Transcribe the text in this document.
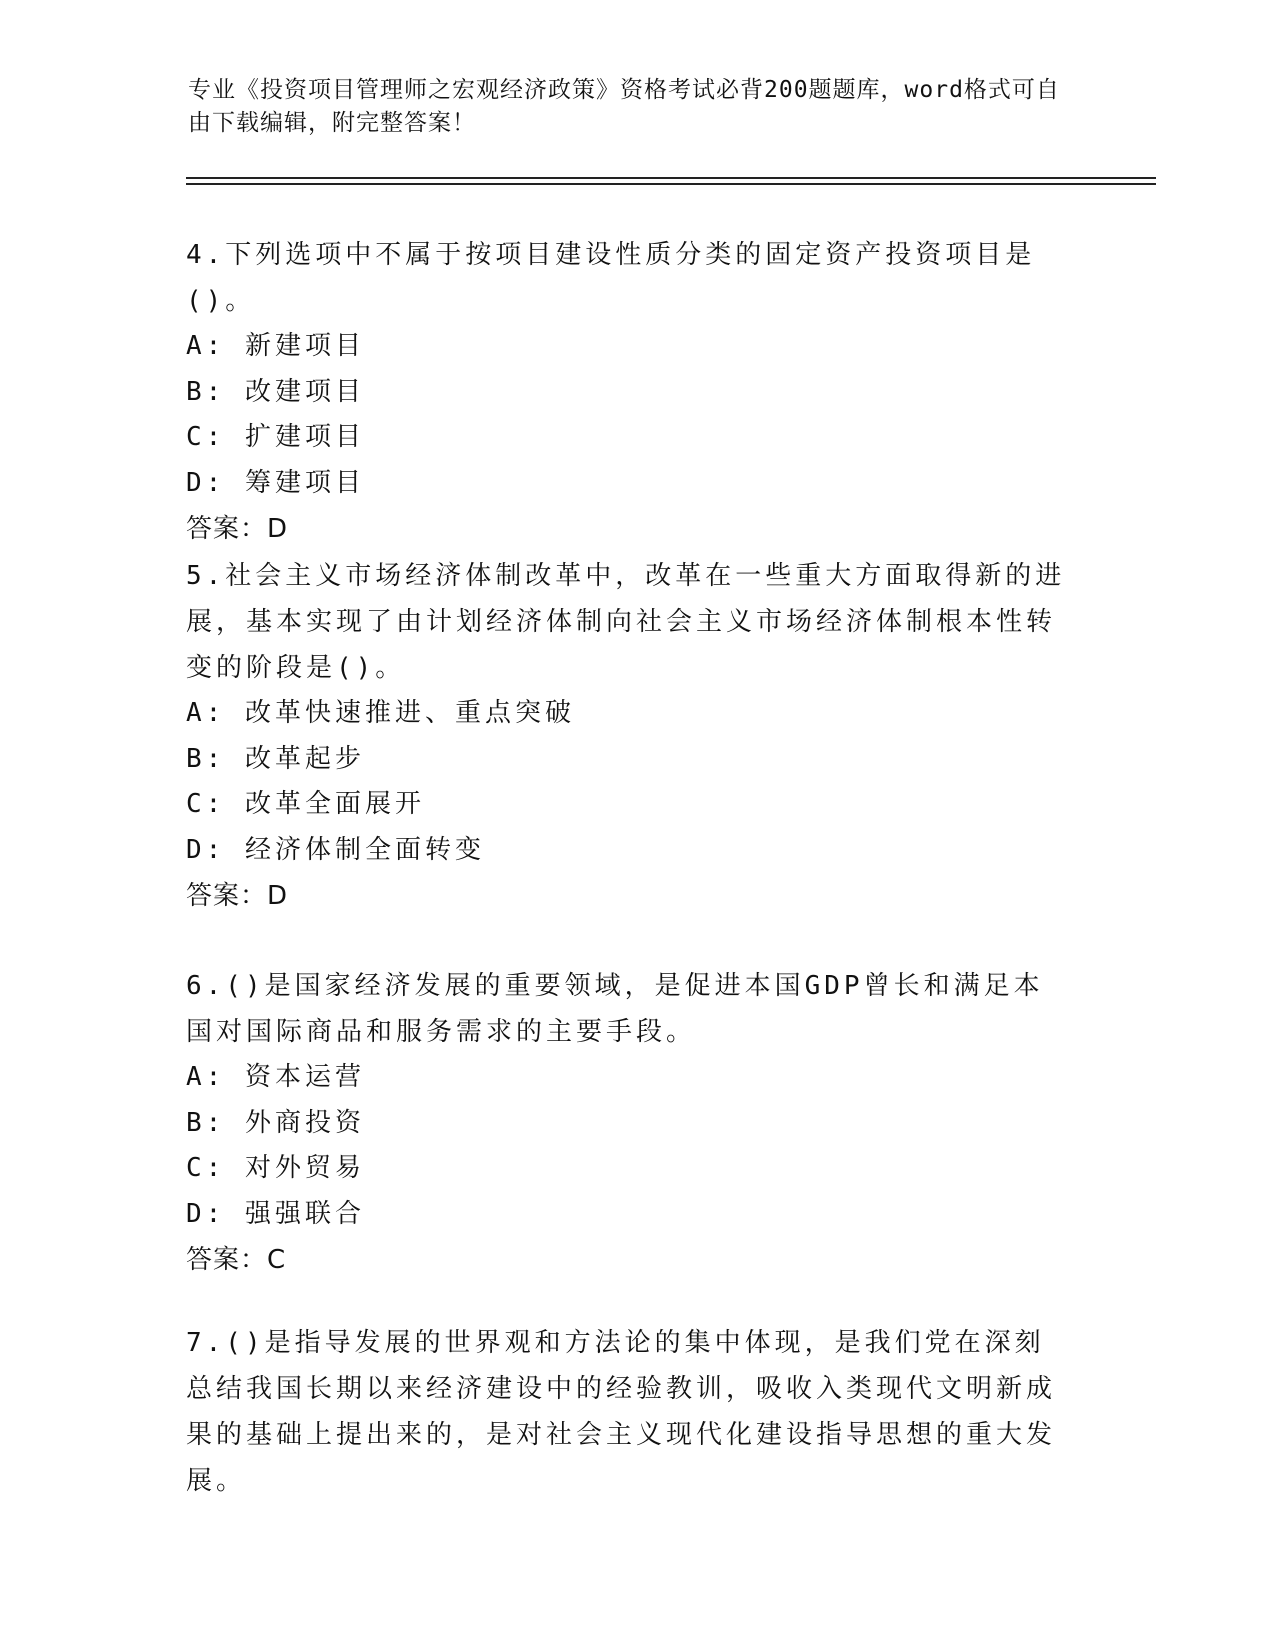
专业《投资项目管理师之宏观经济政策》资格考试必背200题题库，word格式可自由下载编辑，附完整答案！
4.下列选项中不属于按项目建设性质分类的固定资产投资项目是()。
A: 新建项目
B: 改建项目
C: 扩建项目
D: 筹建项目
答案：D
5.社会主义市场经济体制改革中，改革在一些重大方面取得新的进展，基本实现了由计划经济体制向社会主义市场经济体制根本性转变的阶段是()。
A: 改革快速推进、重点突破
B: 改革起步
C: 改革全面展开
D: 经济体制全面转变
答案：D
6.()是国家经济发展的重要领域，是促进本国GDP曾长和满足本国对国际商品和服务需求的主要手段。
A: 资本运营
B: 外商投资
C: 对外贸易
D: 强强联合
答案：C
7.()是指导发展的世界观和方法论的集中体现，是我们党在深刻总结我国长期以来经济建设中的经验教训，吸收入类现代文明新成果的基础上提出来的，是对社会主义现代化建设指导思想的重大发展。
